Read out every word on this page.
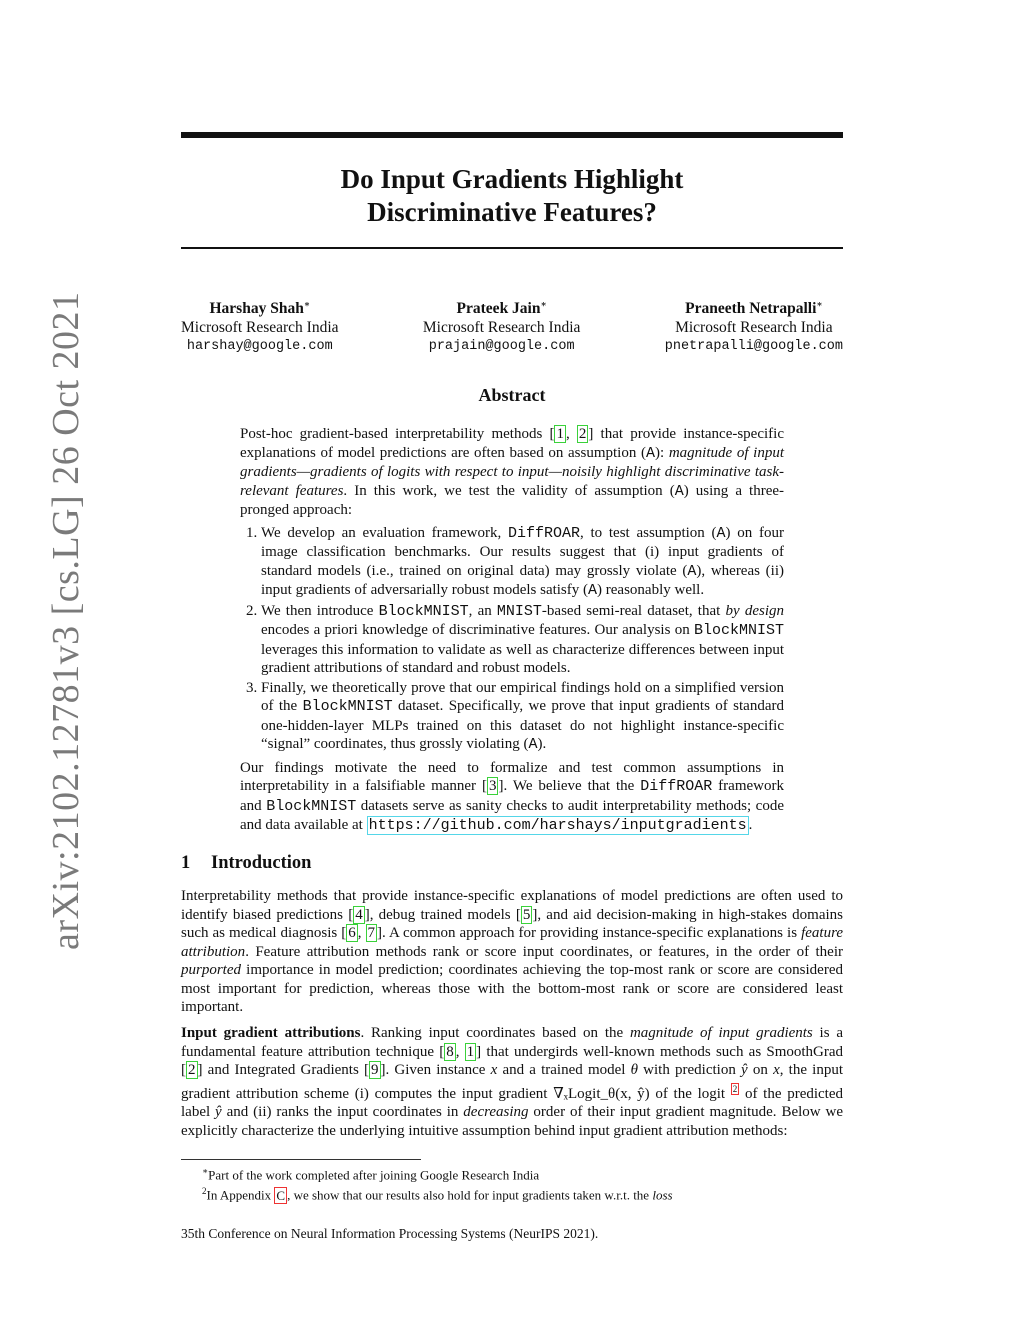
arXiv:2102.12781v3 [cs.LG] 26 Oct 2021
Do Input Gradients Highlight
Discriminative Features?
Harshay Shah∗
Microsoft Research India
harshay@google.com
Prateek Jain∗
Microsoft Research India
prajain@google.com
Praneeth Netrapalli∗
Microsoft Research India
pnetrapalli@google.com
Abstract

Post-hoc gradient-based interpretability methods [ 1 , 2 ] that provide instance-specific explanations of model predictions are often based on assumption (A): magnitude of input gradients—gradients of logits with respect to input—noisily highlight discriminative task-relevant features. In this work, we test the validity of assumption (A) using a three-pronged approach:

1. We develop an evaluation framework, DiffROAR, to test assumption (A) on four image classification benchmarks. Our results suggest that (i) input gradients of standard models (i.e., trained on original data) may grossly violate (A), whereas (ii) input gradients of adversarially robust models satisfy (A) reasonably well.
2. We then introduce BlockMNIST, an MNIST-based semi-real dataset, that by design encodes a priori knowledge of discriminative features. Our analysis on BlockMNIST leverages this information to validate as well as characterize differences between input gradient attributions of standard and robust models.
3. Finally, we theoretically prove that our empirical findings hold on a simplified version of the BlockMNIST dataset. Specifically, we prove that input gradients of standard one-hidden-layer MLPs trained on this dataset do not highlight instance-specific “signal” coordinates, thus grossly violating (A).

Our findings motivate the need to formalize and test common assumptions in interpretability in a falsifiable manner [ 3 ]. We believe that the DiffROAR framework and BlockMNIST datasets serve as sanity checks to audit interpretability methods; code and data available at https://github.com/harshays/inputgradients .

1 Introduction

Interpretability methods that provide instance-specific explanations of model predictions are often used to identify biased predictions [ 4 ], debug trained models [ 5 ], and aid decision-making in high-stakes domains such as medical diagnosis [ 6 , 7 ]. A common approach for providing instance-specific explanations is feature attribution. Feature attribution methods rank or score input coordinates, or features, in the order of their purported importance in model prediction; coordinates achieving the top-most rank or score are considered most important for prediction, whereas those with the bottom-most rank or score are considered least important.

Input gradient attributions. Ranking input coordinates based on the magnitude of input gradients is a fundamental feature attribution technique [ 8 , 1 ] that undergirds well-known methods such as SmoothGrad [ 2 ] and Integrated Gradients [ 9 ]. Given instance x and a trained model θ with prediction ŷ on x, the input gradient attribution scheme (i) computes the input gradient ∇ₓLogit_θ(x, ŷ) of the logit $^2$ of the predicted label ŷ and (ii) ranks the input coordinates in decreasing order of their input gradient magnitude. Below we explicitly characterize the underlying intuitive assumption behind input gradient attribution methods:

∗Part of the work completed after joining Google Research India
$^2$In Appendix C , we show that our results also hold for input gradients taken w.r.t. the loss
35th Conference on Neural Information Processing Systems (NeurIPS 2021).
